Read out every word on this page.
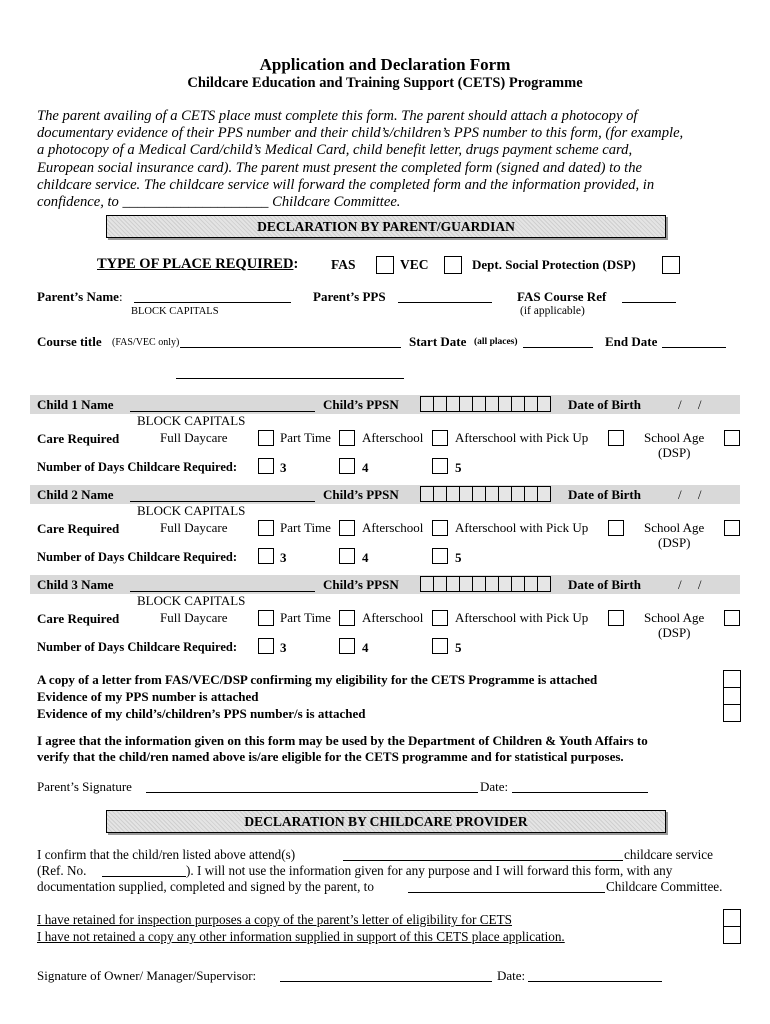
Application and Declaration Form
Childcare Education and Training Support (CETS) Programme
The parent availing of a CETS place must complete this form. The parent should attach a photocopy of
documentary evidence of their PPS number and their child’s/children’s PPS number to this form, (for example,
a photocopy of a Medical Card/child’s Medical Card, child benefit letter, drugs payment scheme card,
European social insurance card). The parent must present the completed form (signed and dated) to the
childcare service. The childcare service will forward the completed form and the information provided, in
confidence, to ____________________ Childcare Committee.
DECLARATION BY PARENT/GUARDIAN
TYPE OF PLACE REQUIRED: FAS	VEC	Dept. Social Protection (DSP)
Parent’s Name:
BLOCK CAPITALS
Parent’s PPS	FAS Course Ref
(if applicable)
Course title (FAS/VEC only)	Start Date (all places)	End Date
Child 1 Name
BLOCK CAPITALS
Child’s PPSN	Date of Birth	/     /
Care Required	Full Daycare	Part Time Afterschool Afterschool with Pick Up	School Age
(DSP)
Number of Days Childcare Required:	3	4	5
Child 2 Name
BLOCK CAPITALS
Child’s PPSN	Date of Birth	/     /
Care Required	Full Daycare	Part Time Afterschool Afterschool with Pick Up	School Age
(DSP)
Number of Days Childcare Required:	3	4	5
Child 3 Name
BLOCK CAPITALS
Child’s PPSN	Date of Birth	/     /
Care Required	Full Daycare	Part Time Afterschool Afterschool with Pick Up	School Age
(DSP)
Number of Days Childcare Required:	3	4	5
A copy of a letter from FAS/VEC/DSP confirming my eligibility for the CETS Programme is attached
Evidence of my PPS number is attached
Evidence of my child’s/children’s PPS number/s is attached
I agree that the information given on this form may be used by the Department of Children & Youth Affairs to
verify that the child/ren named above is/are eligible for the CETS programme and for statistical purposes.
Parent’s Signature	Date:
DECLARATION BY CHILDCARE PROVIDER
I confirm that the child/ren listed above attend(s)	childcare service
(Ref. No.	). I will not use the information given for any purpose and I will forward this form, with any
documentation supplied, completed and signed by the parent, to	Childcare Committee.
I have retained for inspection purposes a copy of the parent’s letter of eligibility for CETS
I have not retained a copy any other information supplied in support of this CETS place application.
Signature of Owner/ Manager/Supervisor:	Date:
